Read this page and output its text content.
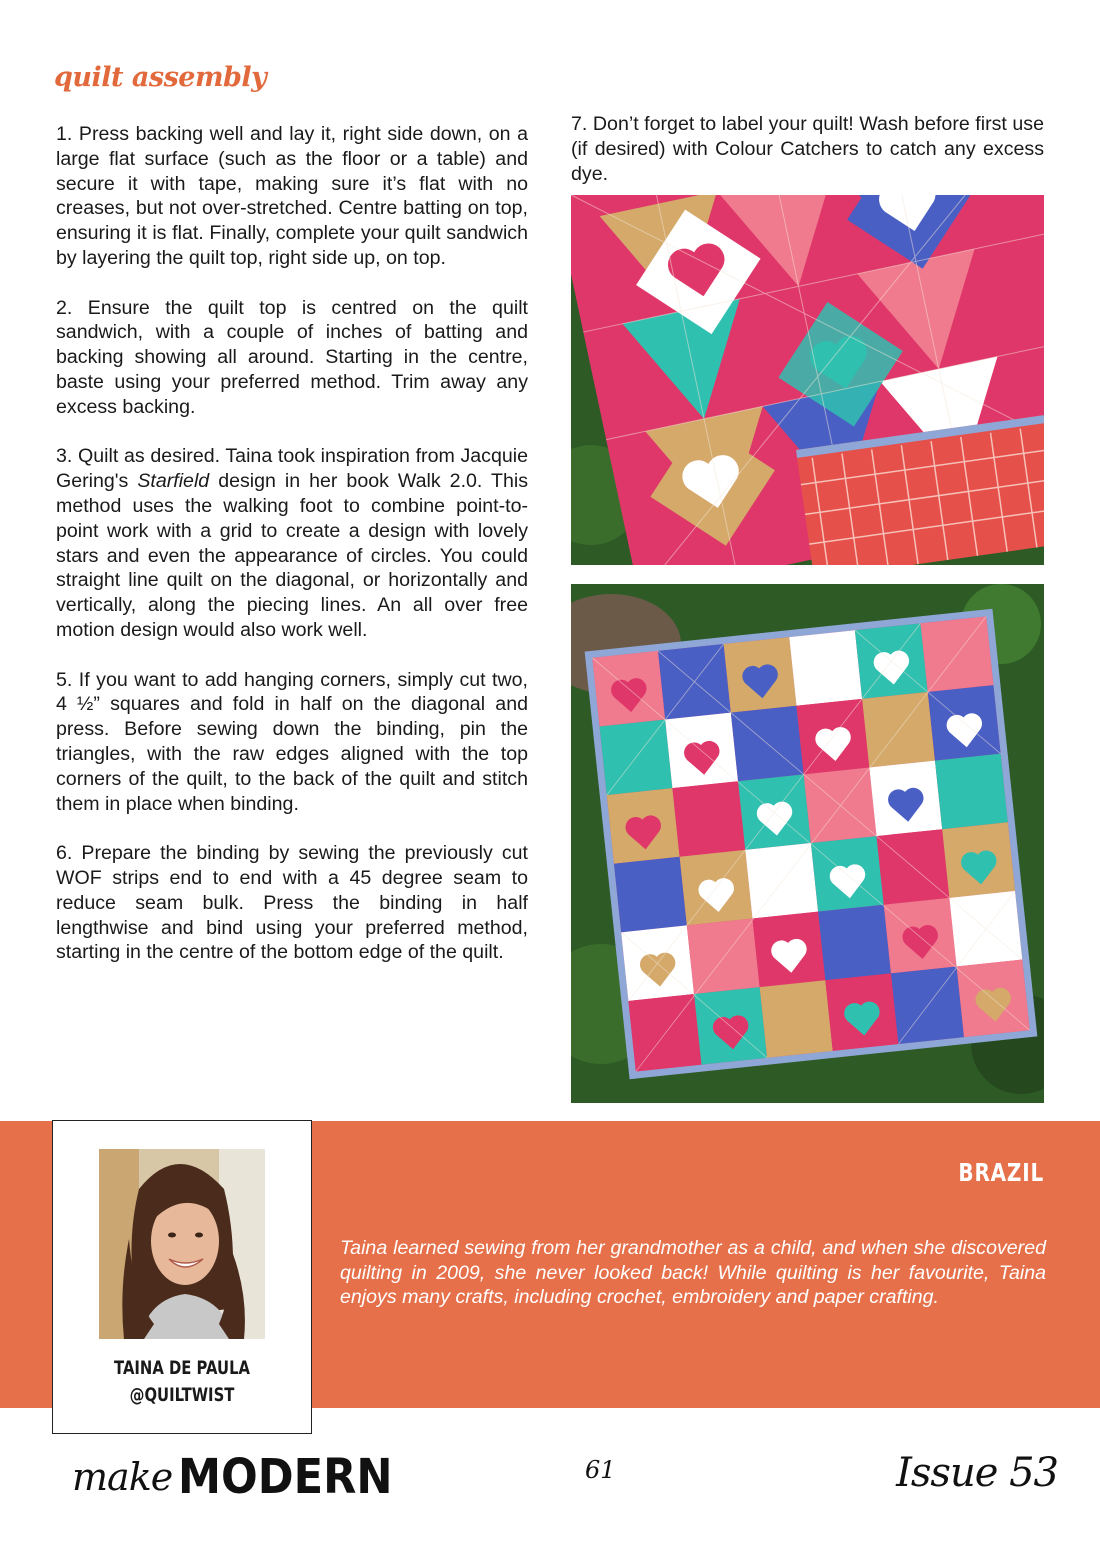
quilt assembly

1. Press backing well and lay it, right side down, on a large flat surface (such as the floor or a table) and secure it with tape, making sure it’s flat with no creases, but not over-stretched. Centre batting on top, ensuring it is flat. Finally, complete your quilt sandwich by layering the quilt top, right side up, on top.

2. Ensure the quilt top is centred on the quilt sandwich, with a couple of inches of batting and backing showing all around. Starting in the centre, baste using your preferred method. Trim away any excess backing.

3. Quilt as desired. Taina took inspiration from Jacquie Gering's Starfield design in her book Walk 2.0. This method uses the walking foot to combine point-to-point work with a grid to create a design with lovely stars and even the appearance of circles. You could straight line quilt on the diagonal, or horizontally and vertically, along the piecing lines. An all over free motion design would also work well.

5. If you want to add hanging corners, simply cut two, 4 ½” squares and fold in half on the diagonal and press. Before sewing down the binding, pin the triangles, with the raw edges aligned with the top corners of the quilt, to the back of the quilt and stitch them in place when binding.

6. Prepare the binding by sewing the previously cut WOF strips end to end with a 45 degree seam to reduce seam bulk. Press the binding in half lengthwise and bind using your preferred method, starting in the centre of the bottom edge of the quilt.

7. Don’t forget to label your quilt! Wash before first use (if desired) with Colour Catchers to catch any excess dye.

BRAZIL

Taina learned sewing from her grandmother as a child, and when she discovered quilting in 2009, she never looked back! While quilting is her favourite, Taina enjoys many crafts, including crochet, embroidery and paper crafting.

TAINA DE PAULA
@QUILTWIST
make MODERN	61	Issue 53
